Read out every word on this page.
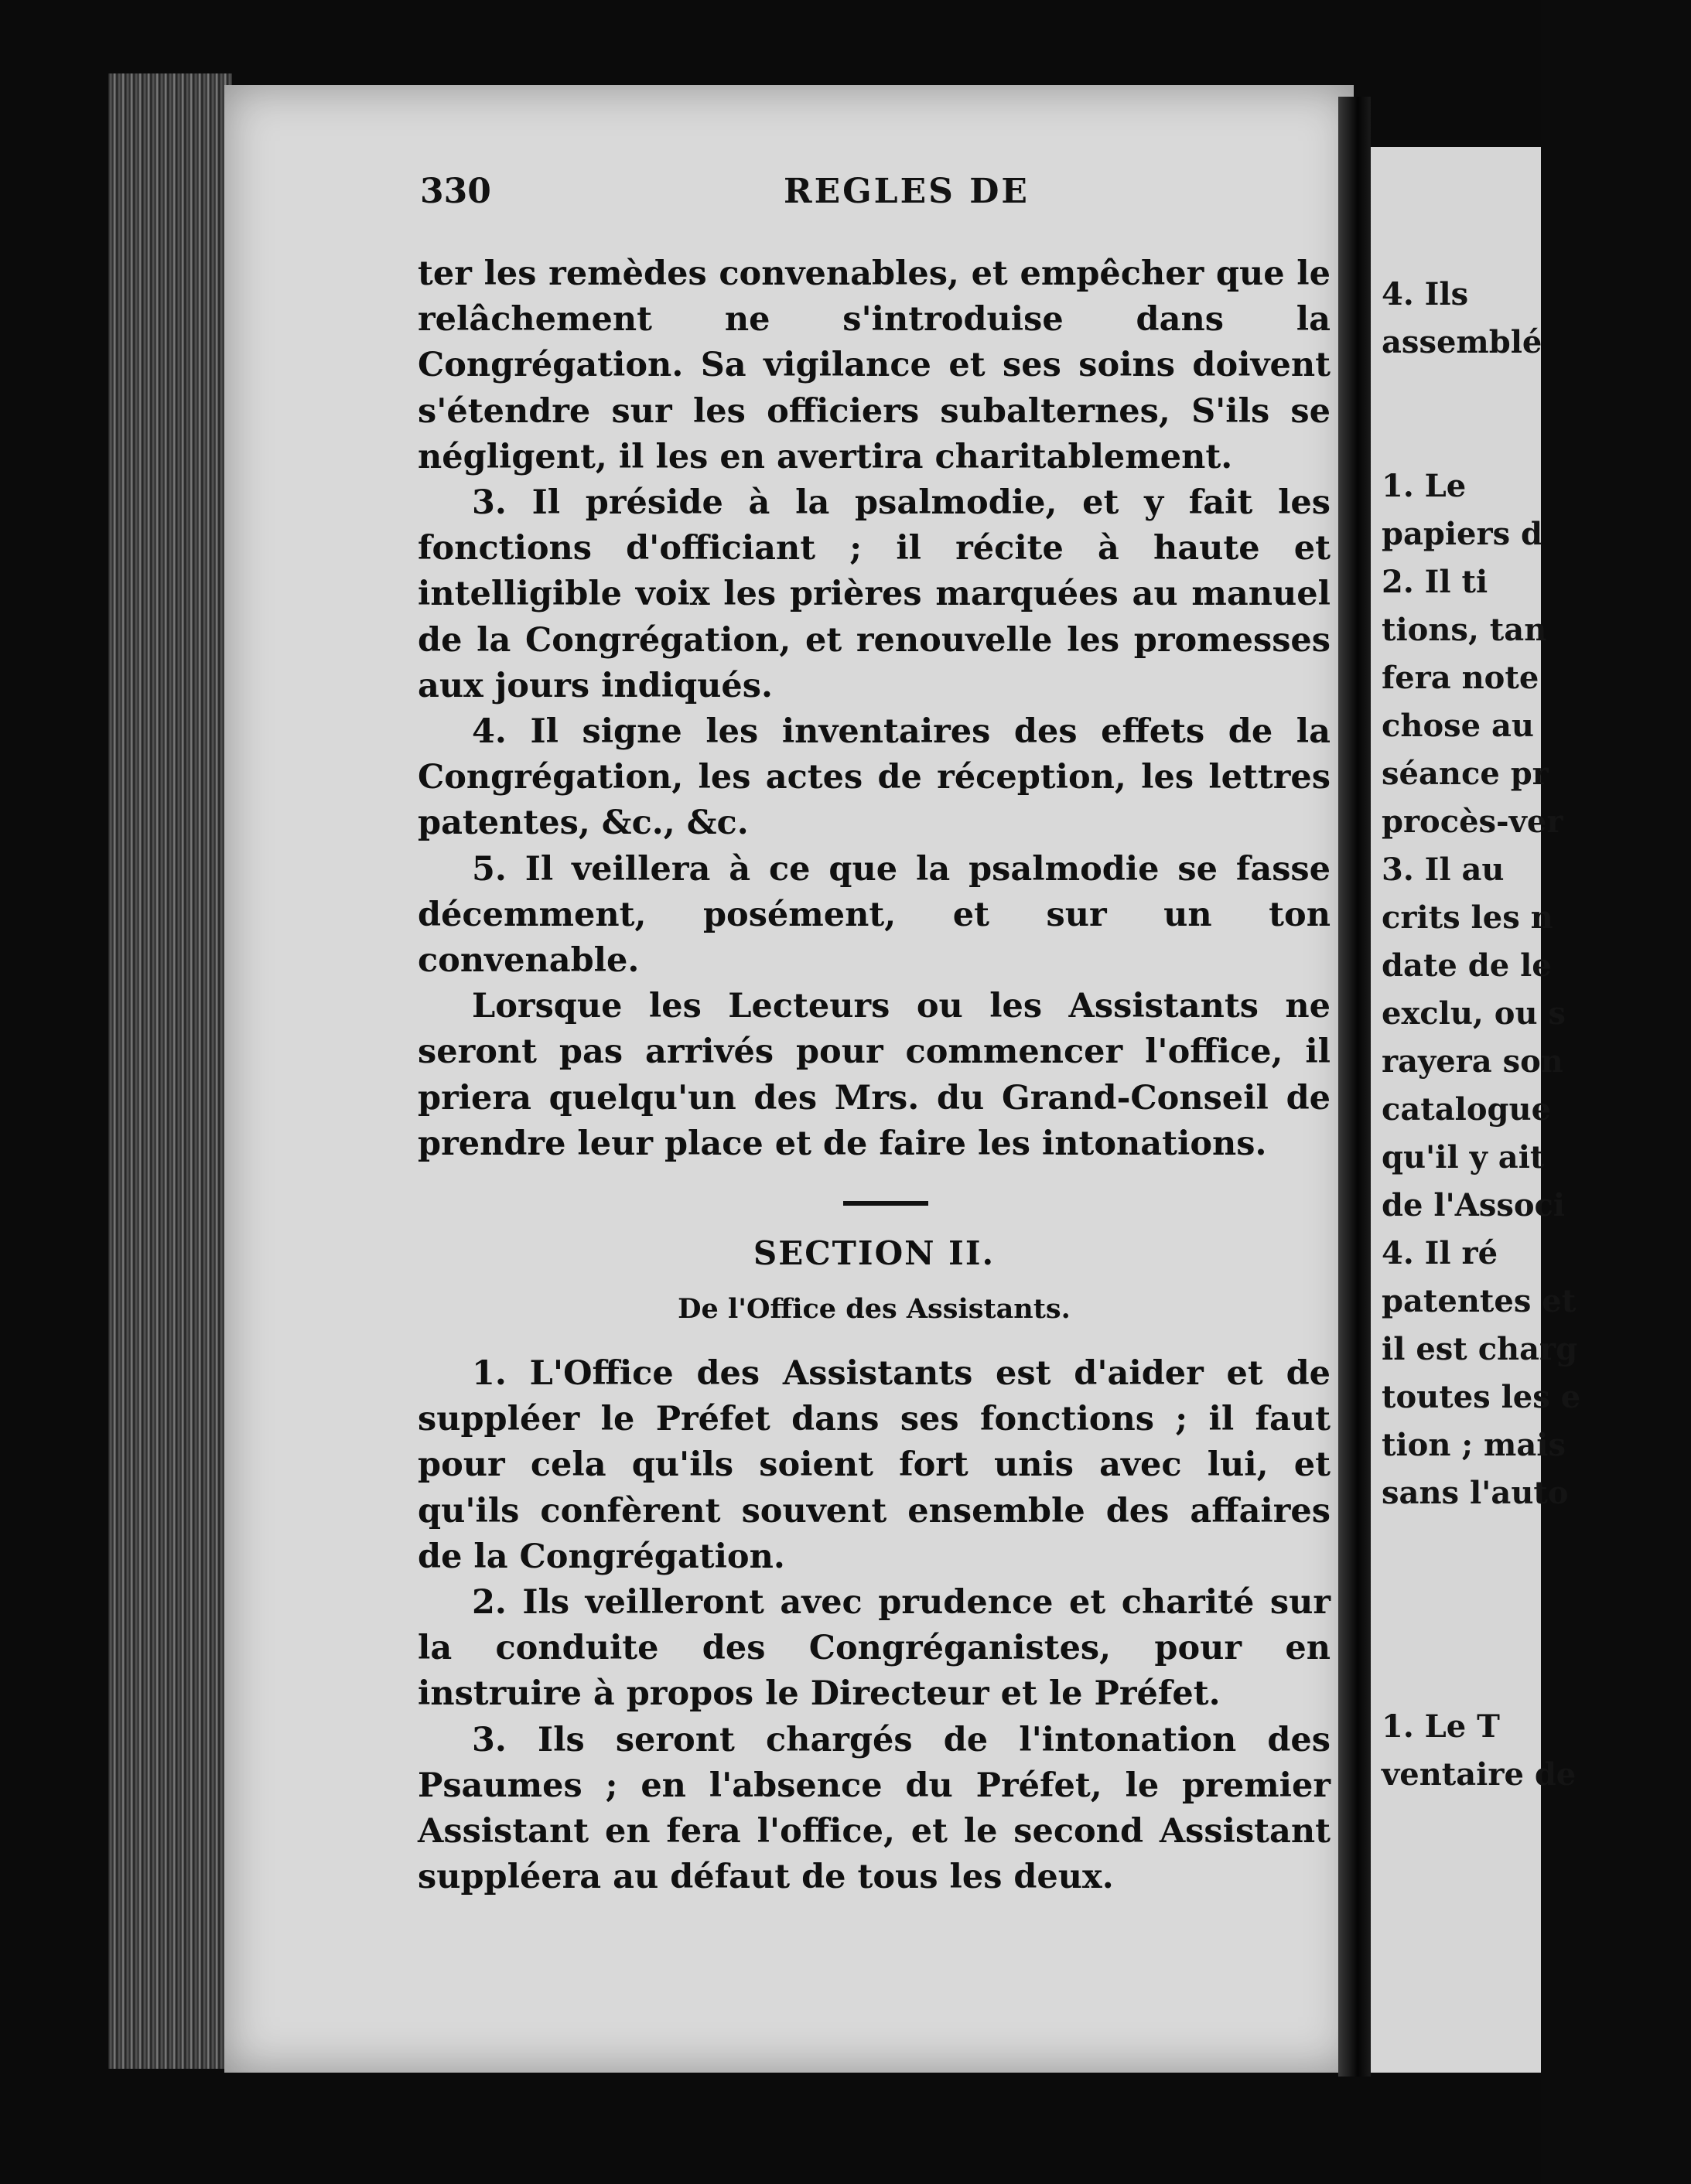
4. Ils
assemblé
1. Le
papiers d
2. Il ti
tions, tan
fera note
chose au
séance pr
procès-ver
3. Il au
crits les n
date de le
exclu, ou s
rayera son
catalogue
qu'il y ait
de l'Associ
4. Il ré
patentes et
il est charg
toutes les e
tion ; mais
sans l'auto
1. Le T
ventaire de
330	REGLES DE

ter les remèdes convenables, et empêcher que le relâchement ne s'introduise dans la Congrégation. Sa vigilance et ses soins doivent s'étendre sur les officiers subalternes, S'ils se négligent, il les en avertira charitablement.

3. Il préside à la psalmodie, et y fait les fonctions d'officiant ; il récite à haute et intelligible voix les prières marquées au manuel de la Congrégation, et renouvelle les promesses aux jours indiqués.

4. Il signe les inventaires des effets de la Congrégation, les actes de réception, les lettres patentes, &c., &c.

5. Il veillera à ce que la psalmodie se fasse décemment, posément, et sur un ton convenable.

Lorsque les Lecteurs ou les Assistants ne seront pas arrivés pour commencer l'office, il priera quelqu'un des Mrs. du Grand-Conseil de prendre leur place et de faire les intonations.

SECTION II.
De l'Office des Assistants.

1. L'Office des Assistants est d'aider et de suppléer le Préfet dans ses fonctions ; il faut pour cela qu'ils soient fort unis avec lui, et qu'ils confèrent souvent ensemble des affaires de la Congrégation.

2. Ils veilleront avec prudence et charité sur la conduite des Congréganistes, pour en instruire à propos le Directeur et le Préfet.

3. Ils seront chargés de l'intonation des Psaumes ; en l'absence du Préfet, le premier Assistant en fera l'office, et le second Assistant suppléera au défaut de tous les deux.
